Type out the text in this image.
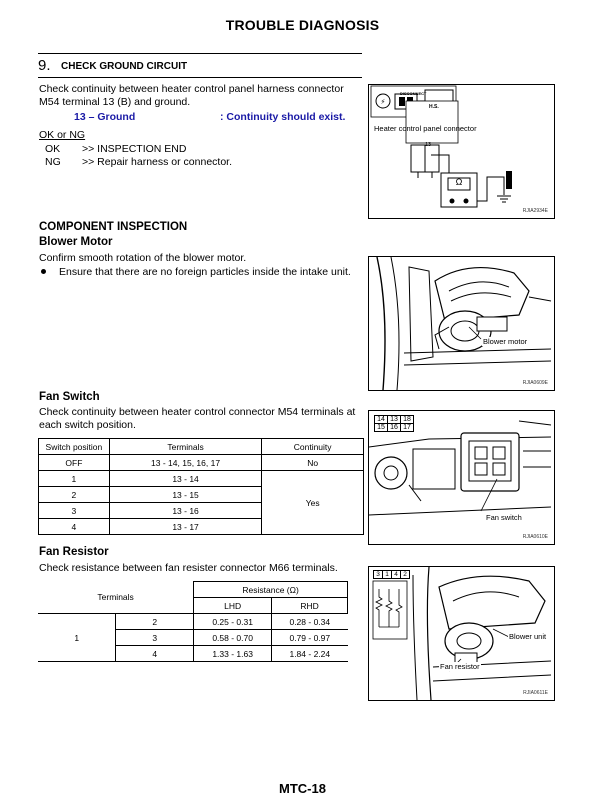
TROUBLE DIAGNOSIS
9. CHECK GROUND CIRCUIT
Check continuity between heater control panel harness connector M54 terminal 13 (B) and ground.
13 – Ground	: Continuity should exist.
OK or NG
OK >> INSPECTION END
NG >> Repair harness or connector.
⚡
DISCONNECT
H.S.
Heater control panel connector
13
Ω
RJIA2934E
COMPONENT INSPECTION
Blower Motor
Confirm smooth rotation of the blower motor.
Ensure that there are no foreign particles inside the intake unit.
Blower motor
RJIA0609E
Fan Switch
Check continuity between heater control connector M54 terminals at each switch position.
Switch position	Terminals	Continuity
OFF	13 - 14, 15, 16, 17	No
1	13 - 14	Yes
2	13 - 15	
3	13 - 16	
4	13 - 17	
14	13	18
15	16	17
Fan switch
RJIA0610E
Fan Resistor
Check resistance between fan resister connector M66 terminals.
Terminals		Resistance (Ω)	
		LHD	RHD
1	2	0.25 - 0.31	0.28 - 0.34
	3	0.58 - 0.70	0.79 - 0.97
	4	1.33 - 1.63	1.84 - 2.24
3	1	4	2
Blower unit
Fan resistor
RJIA0611E
MTC-18
